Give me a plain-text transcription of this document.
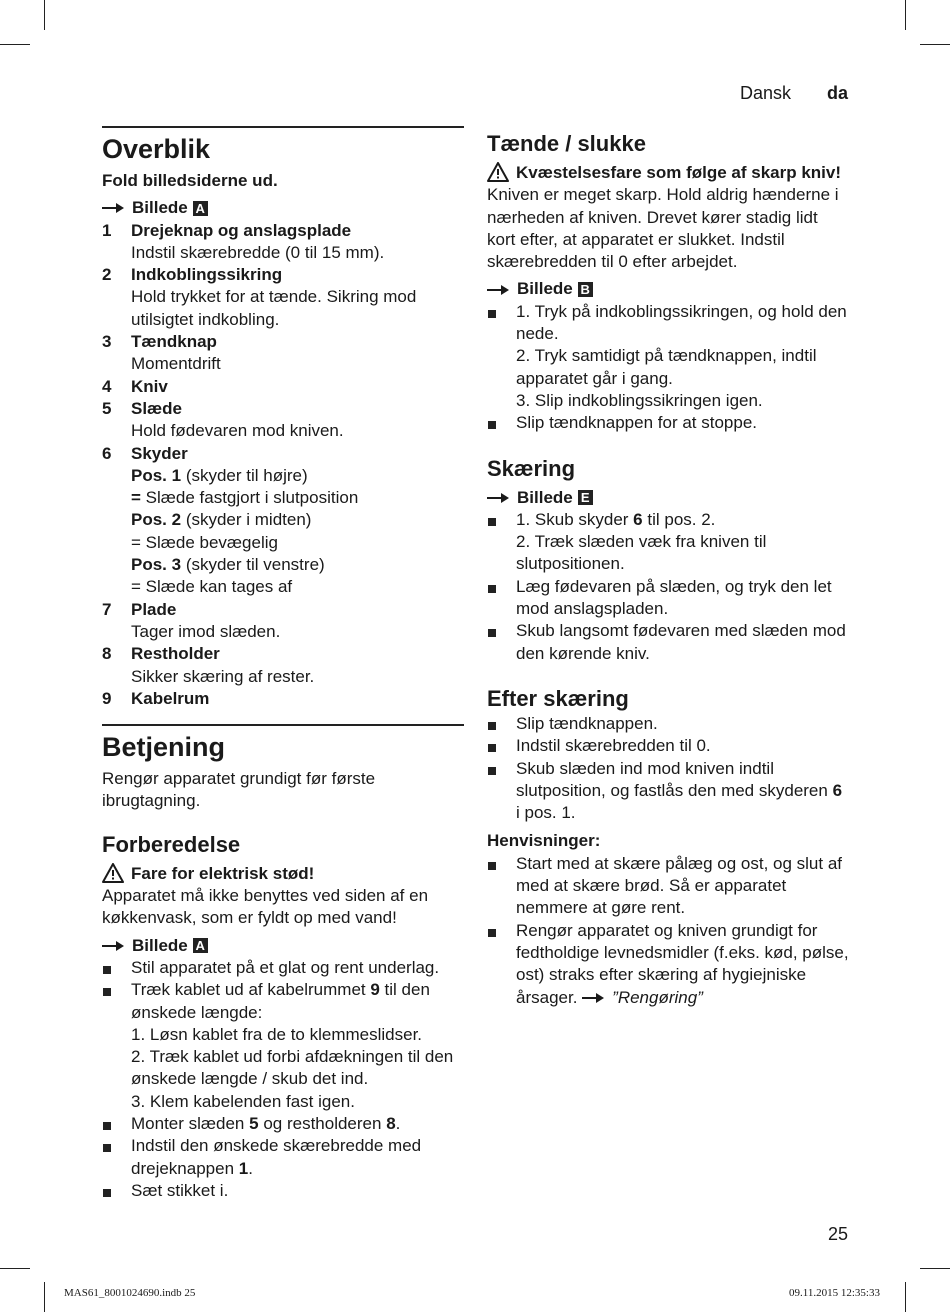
Dansk da
Overblik

Fold billedsiderne ud.

Billede A
1	Drejeknap og anslagsplade
Indstil skærebredde (0 til 15 mm).
2	Indkoblingssikring
Hold trykket for at tænde. Sikring mod utilsigtet indkobling.
3	Tændknap
Momentdrift
4	Kniv
5	Slæde
Hold fødevaren mod kniven.
6	Skyder
Pos. 1 (skyder til højre)
= Slæde fastgjort i slutposition
Pos. 2 (skyder i midten)
= Slæde bevægelig
Pos. 3 (skyder til venstre)
= Slæde kan tages af
7	Plade
Tager imod slæden.
8	Restholder
Sikker skæring af rester.
9	Kabelrum
Betjening

Rengør apparatet grundigt før første ibrugtagning.

Forberedelse
Fare for elektrisk stød!

Apparatet må ikke benyttes ved siden af en køkkenvask, som er fyldt op med vand!

Billede A
Stil apparatet på et glat og rent underlag.
Træk kablet ud af kabelrummet 9 til den ønskede længde:
1. Løsn kablet fra de to klemmeslidser.
2. Træk kablet ud forbi afdækningen til den ønskede længde / skub det ind.
3. Klem kabelenden fast igen.
Monter slæden 5 og restholderen 8.
Indstil den ønskede skærebredde med drejeknappen 1.
Sæt stikket i.
Tænde / slukke
Kvæstelsesfare som følge af skarp kniv!

Kniven er meget skarp. Hold aldrig hænderne i nærheden af kniven. Drevet kører stadig lidt kort efter, at apparatet er slukket. Indstil skærebredden til 0 efter arbejdet.

Billede B
1. Tryk på indkoblingssikringen, og hold den nede.
2. Tryk samtidigt på tændknappen, indtil apparatet går i gang.
3. Slip indkoblingssikringen igen.
Slip tændknappen for at stoppe.
Skæring
Billede E
1. Skub skyder 6 til pos. 2.
2. Træk slæden væk fra kniven til slutpositionen.
Læg fødevaren på slæden, og tryk den let mod anslagspladen.
Skub langsomt fødevaren med slæden mod den kørende kniv.
Efter skæring
Slip tændknappen.
Indstil skærebredden til 0.
Skub slæden ind mod kniven indtil slutposition, og fastlås den med skyderen 6 i pos. 1.

Henvisninger:

Start med at skære pålæg og ost, og slut af med at skære brød. Så er apparatet nemmere at gøre rent.
Rengør apparatet og kniven grundigt for fedtholdige levnedsmidler (f.eks. kød, pølse, ost) straks efter skæring af hygiejniske årsager. ”Rengøring”
25
MAS61_8001024690.indb 25	09.11.2015 12:35:33
